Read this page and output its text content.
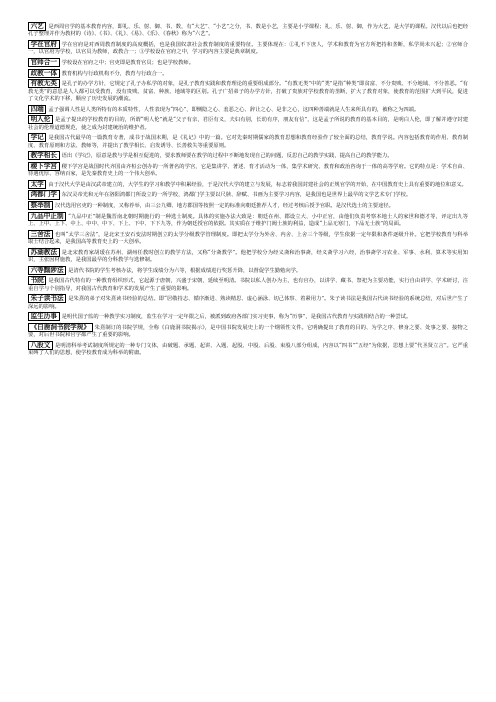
六艺 是西周官学的基本教育内容，即礼、乐、射、御、书、数，有“大艺”、“小艺”之分，书、数是小艺，主要是小学课程；礼、乐、射、御，作为大艺，是大学的课程。汉代以后也把经孔子整理并作为教材的《诗》、《书》、《礼》、《易》、《乐》、《春秋》称为“六艺”。

学在官府 学在官府是对西周教育制度的高度概括，也是我国奴隶社会教育制度的重要特征。主要体现在：①礼不下庶人，学术和教育为官方所把持和垄断，私学尚未兴起；②官师合一，以官府为学校，以官员为教师，政教合一；③学校设在官府之中，学习的内容主要是典章制度。

官师合一 学校设在官府之中；官吏即是教育官员；也是学校教师。

政教一体 教育机构与行政机构不分，教育与行政合一。

有教无类 是孔子的办学方针，它规定了孔子办私学的对象，是孔子教育实践和教育理论的重要组成部分。“有教无类”中的“类”是指“种类”即贫富、不分贵贱、不分地域、不分善恶。“有教无类”的意思是人人都可以受教育，没有贵贱、贫富、种族、地域等的区别。孔子广招弟子的办学方针，打破了贵族对学校教育的垄断，扩大了教育对象，使教育的范围扩大到平民，促进了文化学术的下移，顺应了历史发展的潮流。

四端 孟子强调人性是人类所特有的本质特性，人性表现为“四心”，即恻隐之心、羞恶之心、辞让之心、是非之心，这四种善端就是人生来所具有的，被称之为四端。

明人伦 是孟子提出的学校教育的目的，所谓“明人伦”就是“父子有亲，君臣有义，夫妇有别，长幼有序，朋友有信”，这是孟子所说的教育的基本目的，是明白人伦，即了解并遵守封建社会的伦理道德规范，使之成为封建统治的维护者。

学记 是我国古代最早的一篇教育专著，成书于战国末期，是《礼记》中的一篇。它对先秦时期儒家的教育思想和教育经验作了较全面的总结，教育学说。内容包括教育的作用、教育制度、教育原则和方法、教师等，并提出了教学相长、启发诱导、长善救失等重要原则。

教学相长 语出《学记》，原意是教与学是相互促进的，要求教师要在教学的过程中不断地发现自己的问题，反思自己的教学实践，提高自己的教学能力。

稷下学宫 稷下学宫是战国时代齐国由齐桓公创办的一所著名的学宫，它是集讲学、著述、育才活动为一体，集学术研究、教育和政治咨询于一体的高等学府。它的特点是：学术自由、待遇优厚、容纳百家，是先秦教育史上的一个伟大创举。

太学 由于汉代大学是由汉武帝建立的，大学生的学习和教学中积累经验，于是汉代大学的建立与发展，标志着我国封建社会的正规官学的开始，在中国教育史上具有重要的地位和意义。

鸿都门学 东汉灵帝光和元年在洛阳鸿都门所设立的一所学校，鸿都门学主要以尺牍、辞赋、书画为主要学习内容，是我国也是世界上最早的文学艺术专门学校。

察举制 汉代选用官吏的一种制度，又称荐举，由三公九卿、地方郡国等按照一定的标准向朝廷推荐人才，经过考核后授予官职。是汉代选士的主要途径。

九品中正制 “九品中正”制是魏晋南北朝时期施行的一种选士制度。具体的实施办法大致是：朝廷在州、郡设立大、小中正官，由他们负责考察本地士人的家世和德才等，评定出九等上、上中、上下、中上、中中、中下、下上、下中、下下九等，作为朝廷授官的依据。其实质在于维护门阀士族的利益，造成“上品无寒门，下品无士族”的局面。

三舍法 也叫“太学三舍法”，是北宋王安石变法时期创立的太学分级教学管理制度。即把太学分为外舍、内舍、上舍三个等级，学生依据一定年限和条件逐级升补。它把学校教育与科举取士结合起来，是我国高等教育史上的一大创举。

苏湖教法 是北宋教育家胡瑗在苏州、湖州任教时创立的教学方法，又称“分斋教学”。他把学校分为经义斋和治事斋，经义斋学习六经，治事斋学习农业、军事、水利、算术等实用知识，主张因材施教，是我国最早的分科教学与选修制。

六等黜陟法 是清代书院的学生考核办法，将学生成绩分为六等，根据成绩进行奖惩升降，以督促学生勤勉向学。

书院 是我国古代特有的一种教育组织形式，它起源于唐朝，兴盛于宋朝，延续至明清。书院以私人创办为主，也有官办，以讲学、藏书、祭祀为主要功能，实行自由讲学、学术研讨，注重自学与个别指导，对我国古代教育和学术的发展产生了重要的影响。

朱子读书法 是朱熹的弟子对朱熹读书经验的总结。即“居敬持志、循序渐进、熟读精思、虚心涵泳、切己体察、着紧用力”。朱子读书法是我国古代读书经验的系统总结，对后世产生了深远的影响。

监生历事 是明代国子监的一种教学实习制度，监生在学习一定年限之后，被派到政府各部门实习吏事，称为“历事”，是我国古代教育与实践相结合的一种尝试。

《白鹿洞书院学规》 朱熹制订的书院学规，全称《白鹿洞书院揭示》，是中国书院发展史上的一个纲领性文件。它明确提出了教育的目的、为学之序、修身之要、处事之要、接物之要，对后世书院和官学都产生了重要的影响。

八股文 是明清科举考试制度所规定的一种专门文体，由破题、承题、起讲、入题、起股、中股、后股、束股八部分组成，内容以“四书”“五经”为依据，思想上要“代圣贤立言”。它严重束缚了人们的思想，使学校教育成为科举的附庸。
